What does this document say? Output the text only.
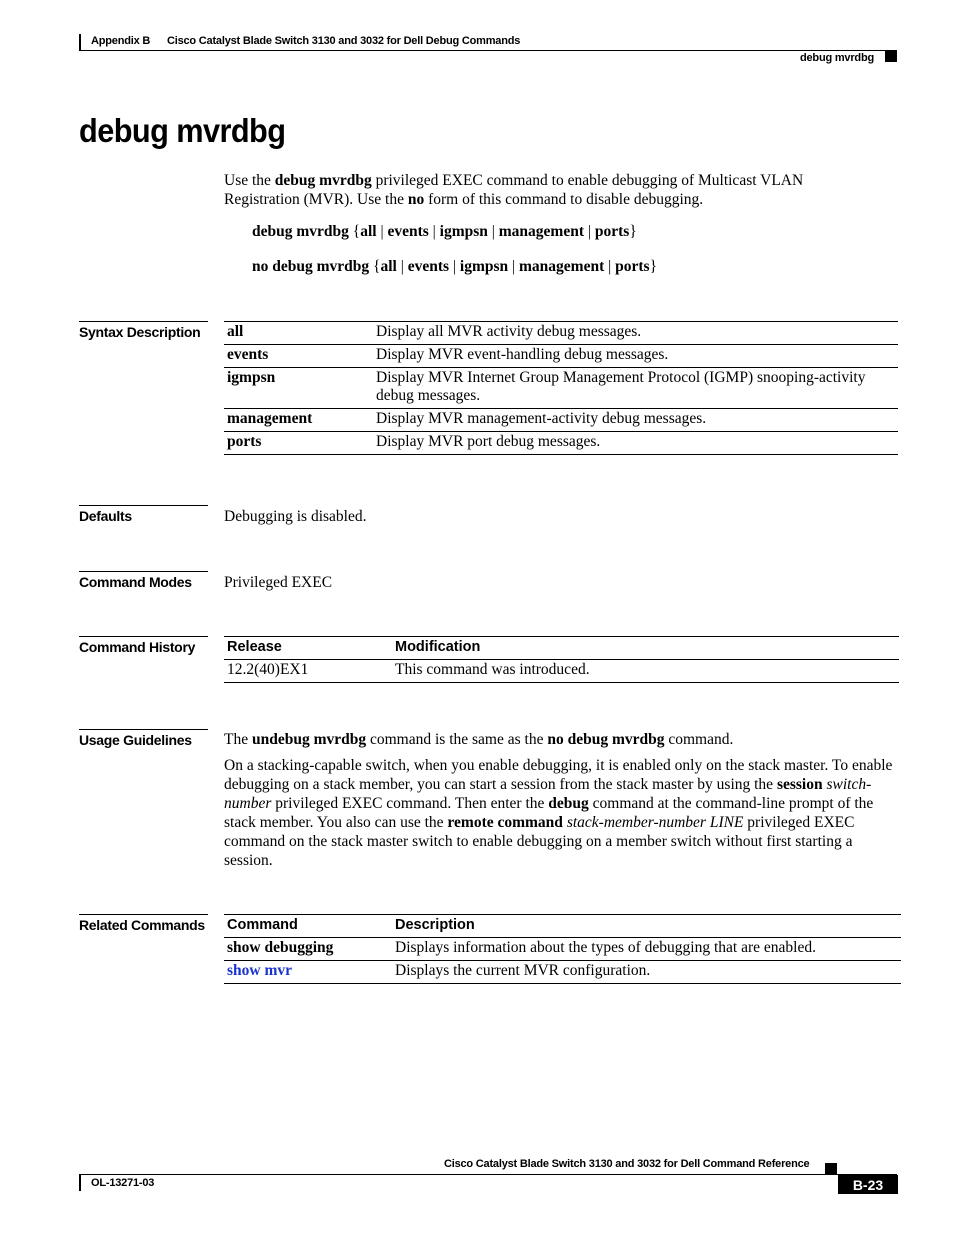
Appendix B Cisco Catalyst Blade Switch 3130 and 3032 for Dell Debug Commands
debug mvrdbg
debug mvrdbg
Use the debug mvrdbg privileged EXEC command to enable debugging of Multicast VLAN Registration (MVR). Use the no form of this command to disable debugging.
debug mvrdbg {all | events | igmpsn | management | ports}
no debug mvrdbg {all | events | igmpsn | management | ports}
Syntax Description	all	Display all MVR activity debug messages.
events	Display MVR event-handling debug messages.
igmpsn	Display MVR Internet Group Management Protocol (IGMP) snooping-activity debug messages.
management	Display MVR management-activity debug messages.
ports	Display MVR port debug messages.
Defaults	Debugging is disabled.
Command Modes	Privileged EXEC
Command History	Release	Modification
12.2(40)EX1	This command was introduced.
Usage Guidelines	The undebug mvrdbg command is the same as the no debug mvrdbg command.
On a stacking-capable switch, when you enable debugging, it is enabled only on the stack master. To enable debugging on a stack member, you can start a session from the stack master by using the session switch-number privileged EXEC command. Then enter the debug command at the command-line prompt of the stack member. You also can use the remote command stack-member-number LINE privileged EXEC command on the stack master switch to enable debugging on a member switch without first starting a session.
Related Commands Command	Description
show debugging	Displays information about the types of debugging that are enabled.
show mvr	Displays the current MVR configuration.
Cisco Catalyst Blade Switch 3130 and 3032 for Dell Command Reference
OL-13271-03	B-23
